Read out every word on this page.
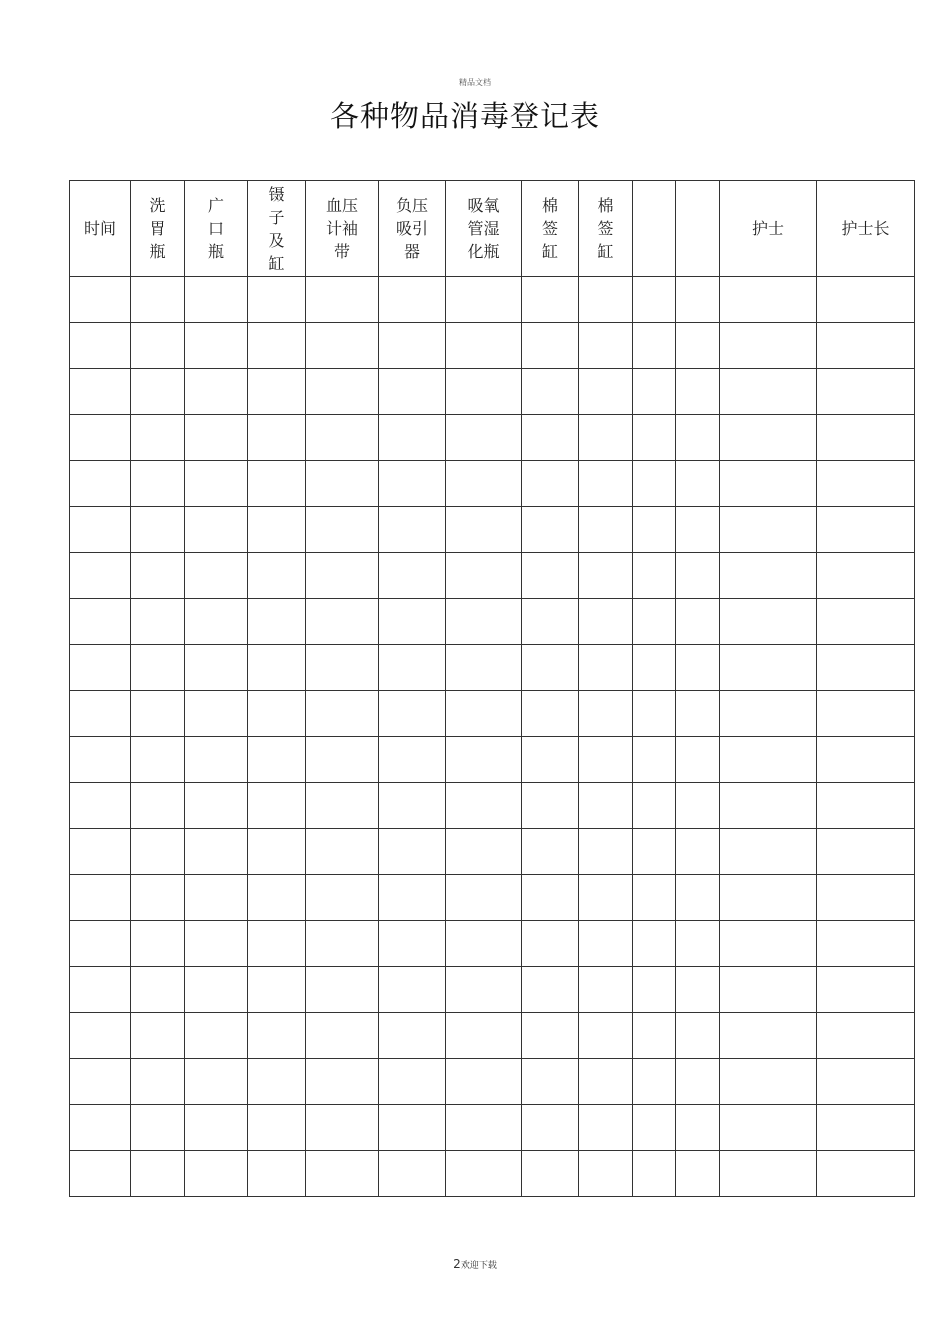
精品文档
各种物品消毒登记表
时间	洗胃瓶	广口瓶	镊子及缸	血压计袖带	负压吸引器	吸氧管湿化瓶	棉签缸	棉签缸			护士	护士长

2欢迎下载
